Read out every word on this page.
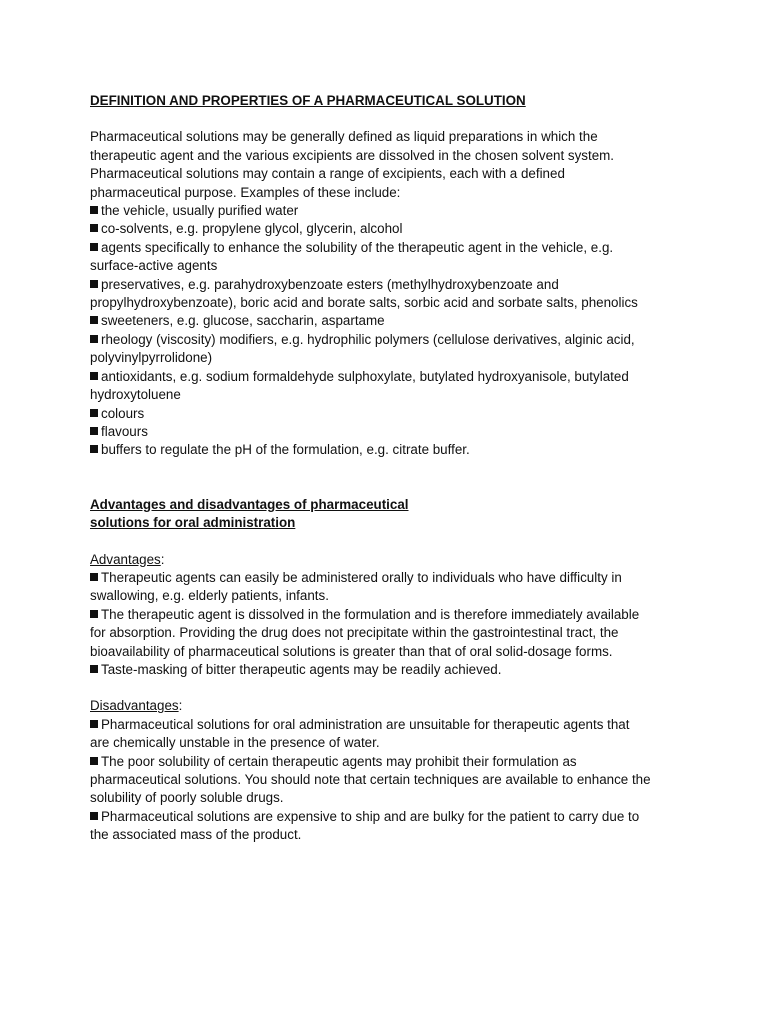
DEFINITION AND PROPERTIES OF A PHARMACEUTICAL SOLUTION

Pharmaceutical solutions may be generally defined as liquid preparations in which the
therapeutic agent and the various excipients are dissolved in the chosen solvent system.
Pharmaceutical solutions may contain a range of excipients, each with a defined
pharmaceutical purpose. Examples of these include:
the vehicle, usually purified water
co-solvents, e.g. propylene glycol, glycerin, alcohol
agents specifically to enhance the solubility of the therapeutic agent in the vehicle, e.g.
surface-active agents
preservatives, e.g. parahydroxybenzoate esters (methylhydroxybenzoate and
propylhydroxybenzoate), boric acid and borate salts, sorbic acid and sorbate salts, phenolics
sweeteners, e.g. glucose, saccharin, aspartame
rheology (viscosity) modifiers, e.g. hydrophilic polymers (cellulose derivatives, alginic acid,
polyvinylpyrrolidone)
antioxidants, e.g. sodium formaldehyde sulphoxylate, butylated hydroxyanisole, butylated
hydroxytoluene
colours
flavours
buffers to regulate the pH of the formulation, e.g. citrate buffer.
Advantages and disadvantages of pharmaceutical
solutions for oral administration
Advantages:
Therapeutic agents can easily be administered orally to individuals who have difficulty in
swallowing, e.g. elderly patients, infants.
The therapeutic agent is dissolved in the formulation and is therefore immediately available
for absorption. Providing the drug does not precipitate within the gastrointestinal tract, the
bioavailability of pharmaceutical solutions is greater than that of oral solid-dosage forms.
Taste-masking of bitter therapeutic agents may be readily achieved.
Disadvantages:
Pharmaceutical solutions for oral administration are unsuitable for therapeutic agents that
are chemically unstable in the presence of water.
The poor solubility of certain therapeutic agents may prohibit their formulation as
pharmaceutical solutions. You should note that certain techniques are available to enhance the
solubility of poorly soluble drugs.
Pharmaceutical solutions are expensive to ship and are bulky for the patient to carry due to
the associated mass of the product.
